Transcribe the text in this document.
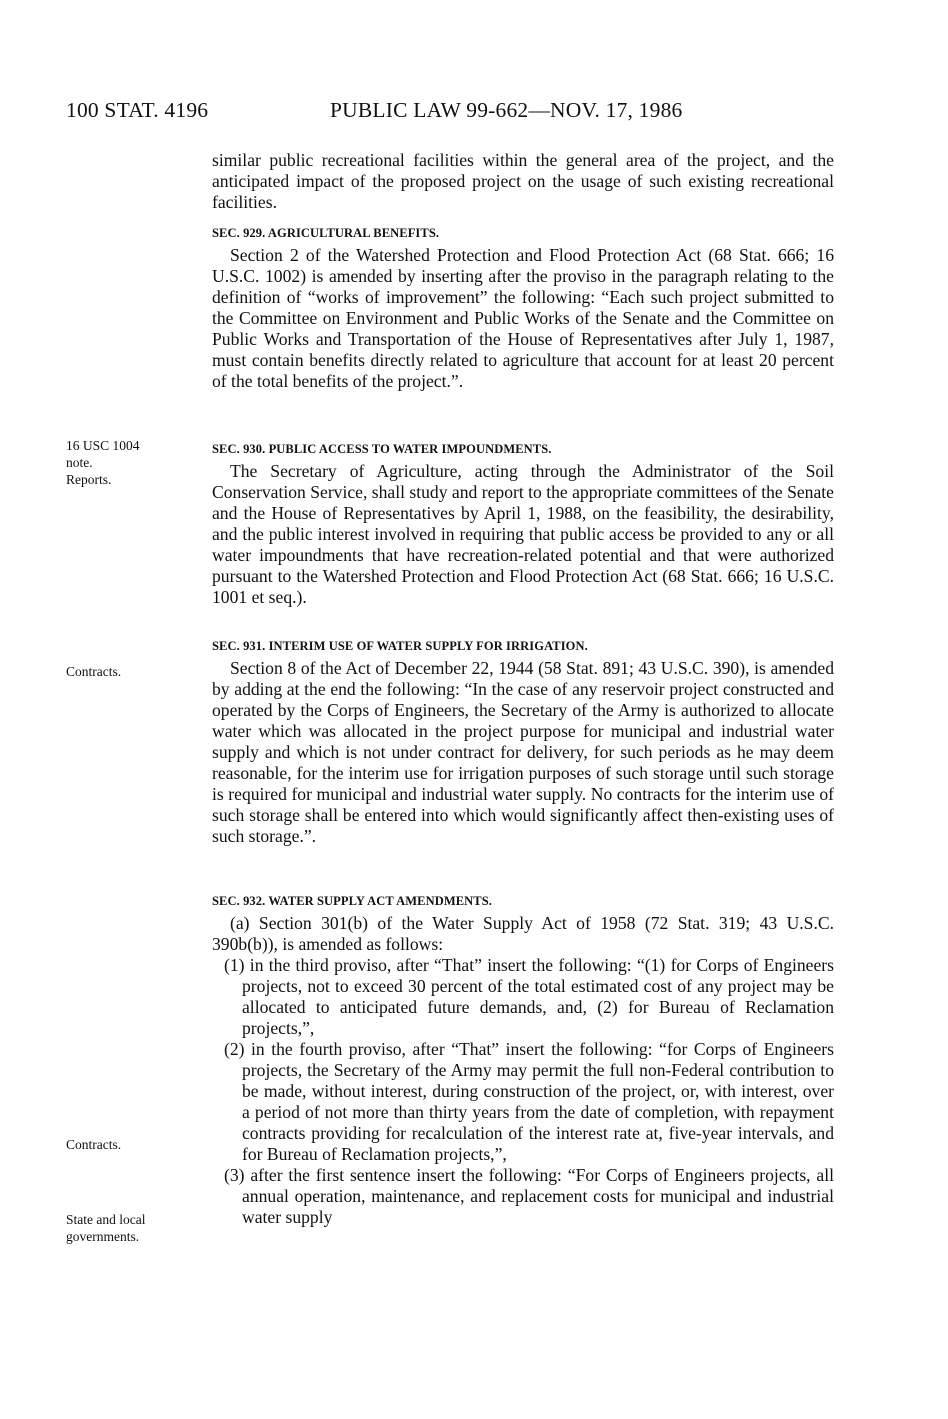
100 STAT. 4196	PUBLIC LAW 99-662—NOV. 17, 1986
16 USC 1004
note.
Reports.
Contracts.
Contracts.
State and local
governments.

similar public recreational facilities within the general area of the project, and the anticipated impact of the proposed project on the usage of such existing recreational facilities.

SEC. 929. AGRICULTURAL BENEFITS.

Section 2 of the Watershed Protection and Flood Protection Act (68 Stat. 666; 16 U.S.C. 1002) is amended by inserting after the proviso in the paragraph relating to the definition of “works of improvement” the following: “Each such project submitted to the Committee on Environment and Public Works of the Senate and the Committee on Public Works and Transportation of the House of Representatives after July 1, 1987, must contain benefits directly related to agriculture that account for at least 20 percent of the total benefits of the project.”.

SEC. 930. PUBLIC ACCESS TO WATER IMPOUNDMENTS.

The Secretary of Agriculture, acting through the Administrator of the Soil Conservation Service, shall study and report to the appropriate committees of the Senate and the House of Representatives by April 1, 1988, on the feasibility, the desirability, and the public interest involved in requiring that public access be provided to any or all water impoundments that have recreation-related potential and that were authorized pursuant to the Watershed Protection and Flood Protection Act (68 Stat. 666; 16 U.S.C. 1001 et seq.).

SEC. 931. INTERIM USE OF WATER SUPPLY FOR IRRIGATION.

Section 8 of the Act of December 22, 1944 (58 Stat. 891; 43 U.S.C. 390), is amended by adding at the end the following: “In the case of any reservoir project constructed and operated by the Corps of Engineers, the Secretary of the Army is authorized to allocate water which was allocated in the project purpose for municipal and industrial water supply and which is not under contract for delivery, for such periods as he may deem reasonable, for the interim use for irrigation purposes of such storage until such storage is required for municipal and industrial water supply. No contracts for the interim use of such storage shall be entered into which would significantly affect then-existing uses of such storage.”.

SEC. 932. WATER SUPPLY ACT AMENDMENTS.

(a) Section 301(b) of the Water Supply Act of 1958 (72 Stat. 319; 43 U.S.C. 390b(b)), is amended as follows:

(1) in the third proviso, after “That” insert the following: “(1) for Corps of Engineers projects, not to exceed 30 percent of the total estimated cost of any project may be allocated to anticipated future demands, and, (2) for Bureau of Reclamation projects,”,

(2) in the fourth proviso, after “That” insert the following: “for Corps of Engineers projects, the Secretary of the Army may permit the full non-Federal contribution to be made, without interest, during construction of the project, or, with interest, over a period of not more than thirty years from the date of completion, with repayment contracts providing for recalculation of the interest rate at, five-year intervals, and for Bureau of Reclamation projects,”,

(3) after the first sentence insert the following: “For Corps of Engineers projects, all annual operation, maintenance, and replacement costs for municipal and industrial water supply
